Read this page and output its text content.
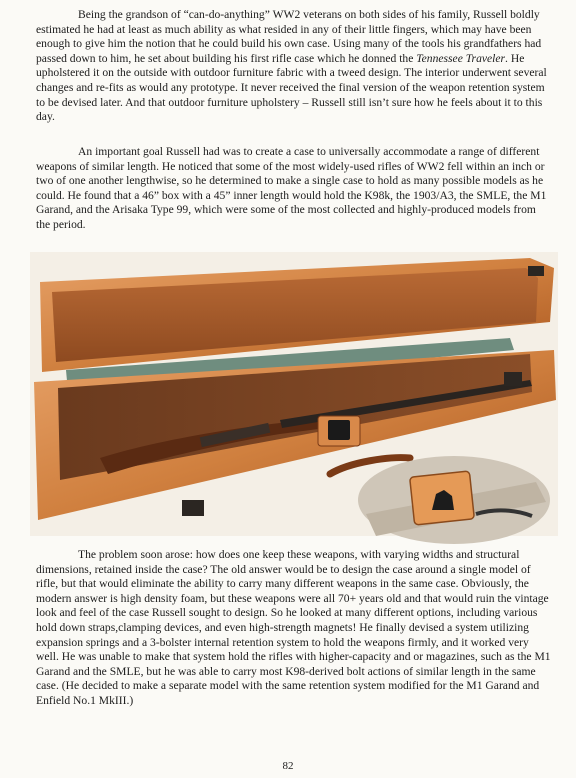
Being the grandson of “can-do-anything” WW2 veterans on both sides of his family, Russell boldly estimated he had at least as much ability as what resided in any of their little fingers, which may have been enough to give him the notion that he could build his own case. Using many of the tools his grandfathers had passed down to him, he set about building his first rifle case which he donned the Tennessee Traveler. He upholstered it on the outside with outdoor furniture fabric with a tweed design. The interior underwent several changes and re-fits as would any prototype. It never received the final version of the weapon retention system to be devised later. And that outdoor furniture upholstery – Russell still isn’t sure how he feels about it to this day.

An important goal Russell had was to create a case to universally accommodate a range of different weapons of similar length. He noticed that some of the most widely-used rifles of WW2 fell within an inch or two of one another lengthwise, so he determined to make a single case to hold as many possible models as he could. He found that a 46” box with a 45” inner length would hold the K98k, the 1903/A3, the SMLE, the M1 Garand, and the Arisaka Type 99, which were some of the most collected and highly-produced models from the period.

The problem soon arose: how does one keep these weapons, with varying widths and structural dimensions, retained inside the case? The old answer would be to design the case around a single model of rifle, but that would eliminate the ability to carry many different weapons in the same case. Obviously, the modern answer is high density foam, but these weapons were all 70+ years old and that would ruin the vintage look and feel of the case Russell sought to design. So he looked at many different options, including various hold down straps,clamping devices, and even high-strength magnets! He finally devised a system utilizing expansion springs and a 3-bolster internal retention system to hold the weapons firmly, and it worked very well. He was unable to make that system hold the rifles with higher-capacity and or magazines, such as the M1 Garand and the SMLE, but he was able to carry most K98-derived bolt actions of similar length in the same case. (He decided to make a separate model with the same retention system modified for the M1 Garand and Enfield No.1 MkIII.)

82
